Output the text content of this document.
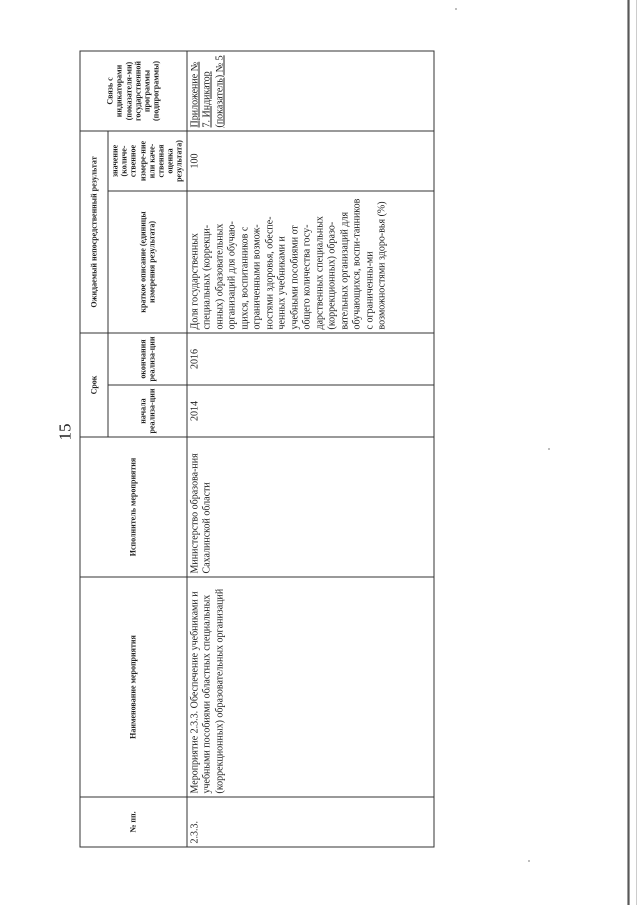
15
№ пп.	Наименование мероприятия	Исполнитель мероприятия	Срок		Ожидаемый непосредственный результат		Связь с индикаторами (показателя-ми) государственной программы (подпрограммы)
			начала реализа-ции	окончания реализа-ции	краткое описание (единицы измерения результата)	значение (количе-ственное измере-ние или каче-ственная оценка результата)	
2.3.3.	Мероприятие 2.3.3. Обеспечение учебниками и учебными пособиями областных специальных (коррекционных) образовательных организаций	Министерство образова-ния Сахалинской области	2014	2016	Доля государственных специальных (коррекци-онных) образовательных организаций для обучаю-щихся, воспитанников с ограниченными возмож-ностями здоровья, обеспе-ченных учебниками и учебными пособиями от общего количества госу-дарственных специальных (коррекционных) образо-вательных организаций для обучающихся, воспи-танников с ограниченны-ми возможностями здоро-вья (%)	100	Приложение № 7. Индикатор (показатель) № 5
